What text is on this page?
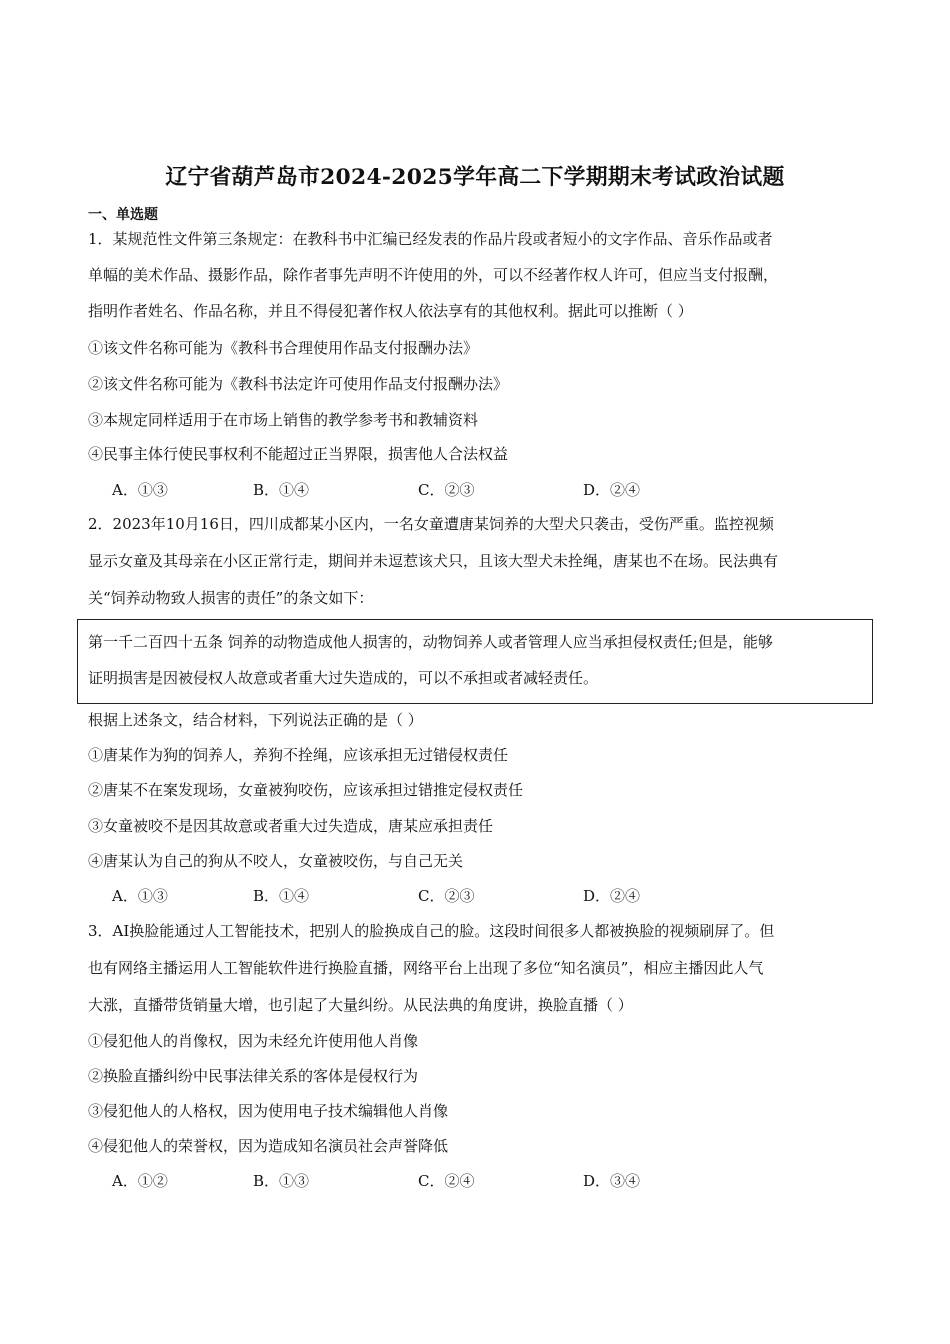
辽宁省葫芦岛市2024-2025学年高二下学期期末考试政治试题
一、单选题
1．某规范性文件第三条规定：在教科书中汇编已经发表的作品片段或者短小的文字作品、音乐作品或者
单幅的美术作品、摄影作品，除作者事先声明不许使用的外，可以不经著作权人许可，但应当支付报酬，
指明作者姓名、作品名称，并且不得侵犯著作权人依法享有的其他权利。据此可以推断（ ）
①该文件名称可能为《教科书合理使用作品支付报酬办法》
②该文件名称可能为《教科书法定许可使用作品支付报酬办法》
③本规定同样适用于在市场上销售的教学参考书和教辅资料
④民事主体行使民事权利不能超过正当界限，损害他人合法权益
A．①③	B．①④	C．②③	D．②④
2．2023年10月16日，四川成都某小区内，一名女童遭唐某饲养的大型犬只袭击，受伤严重。监控视频
显示女童及其母亲在小区正常行走，期间并未逗惹该犬只，且该大型犬未拴绳，唐某也不在场。民法典有
关“饲养动物致人损害的责任”的条文如下：
第一千二百四十五条 饲养的动物造成他人损害的，动物饲养人或者管理人应当承担侵权责任;但是，能够
证明损害是因被侵权人故意或者重大过失造成的，可以不承担或者减轻责任。
根据上述条文，结合材料，下列说法正确的是（ ）
①唐某作为狗的饲养人，养狗不拴绳，应该承担无过错侵权责任
②唐某不在案发现场，女童被狗咬伤，应该承担过错推定侵权责任
③女童被咬不是因其故意或者重大过失造成，唐某应承担责任
④唐某认为自己的狗从不咬人，女童被咬伤，与自己无关
A．①③	B．①④	C．②③	D．②④
3．AI换脸能通过人工智能技术，把别人的脸换成自己的脸。这段时间很多人都被换脸的视频刷屏了。但
也有网络主播运用人工智能软件进行换脸直播，网络平台上出现了多位“知名演员”，相应主播因此人气
大涨，直播带货销量大增，也引起了大量纠纷。从民法典的角度讲，换脸直播（ ）
①侵犯他人的肖像权，因为未经允许使用他人肖像
②换脸直播纠纷中民事法律关系的客体是侵权行为
③侵犯他人的人格权，因为使用电子技术编辑他人肖像
④侵犯他人的荣誉权，因为造成知名演员社会声誉降低
A．①②	B．①③	C．②④	D．③④
